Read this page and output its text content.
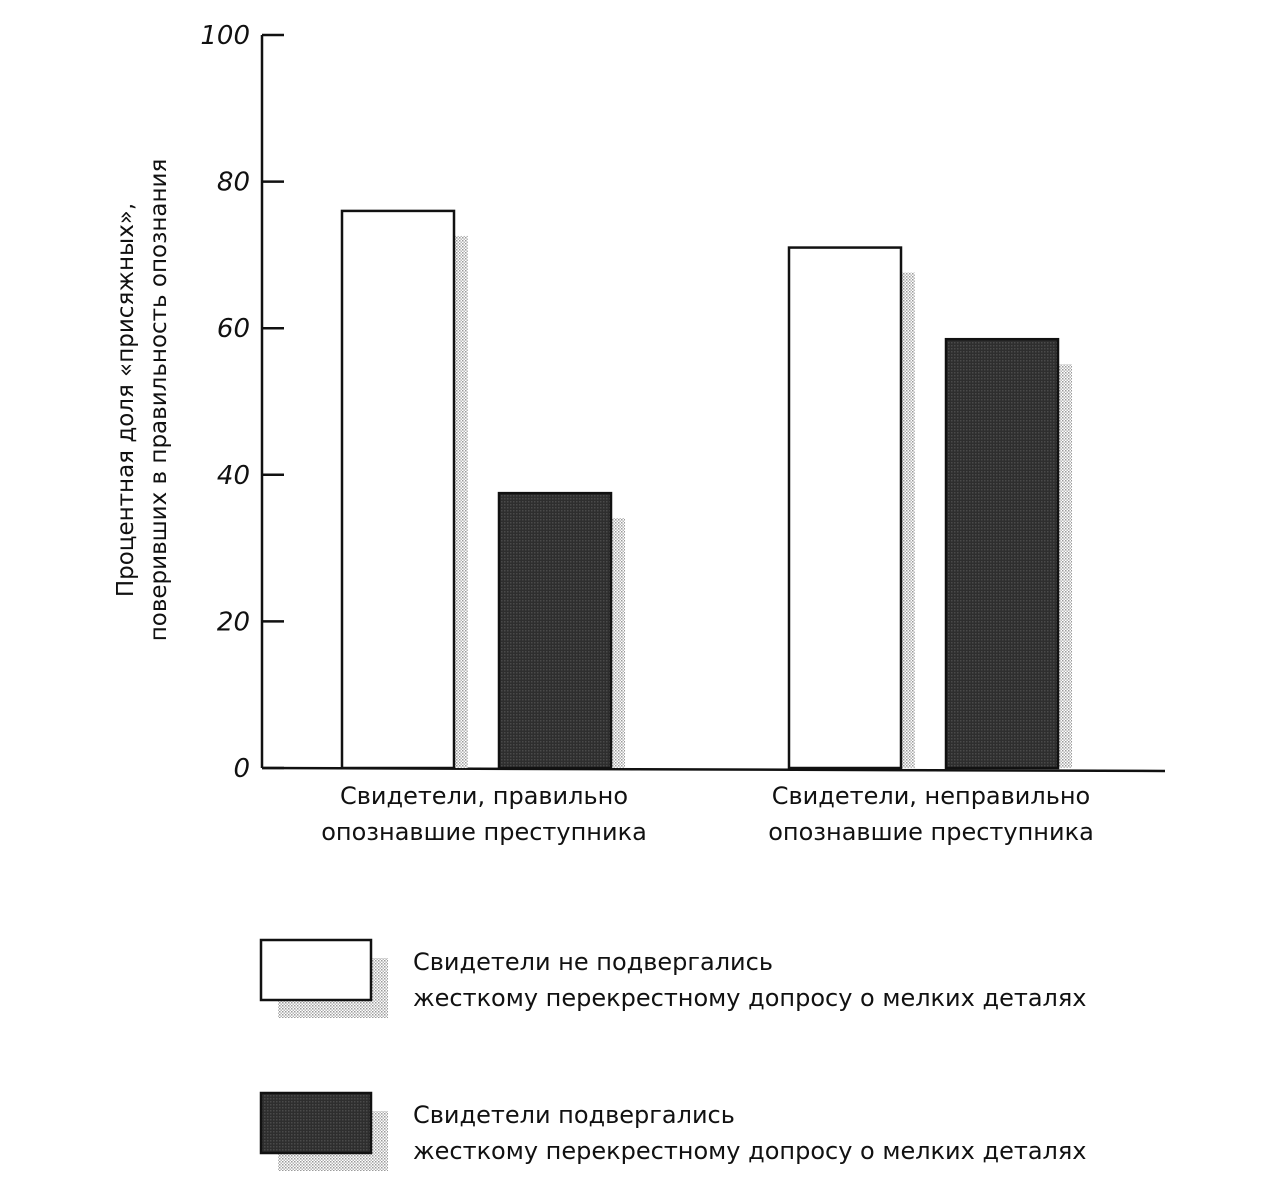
Процентная доля «присяжных», поверивших в правильность опознания
0
20
40
60
80
100
Свидетели, правильно
опознавшие преступника
Свидетели, неправильно
опознавшие преступника
Свидетели не подвергались
жесткому перекрестному допросу о мелких деталях
Свидетели подвергались
жесткому перекрестному допросу о мелких деталях
